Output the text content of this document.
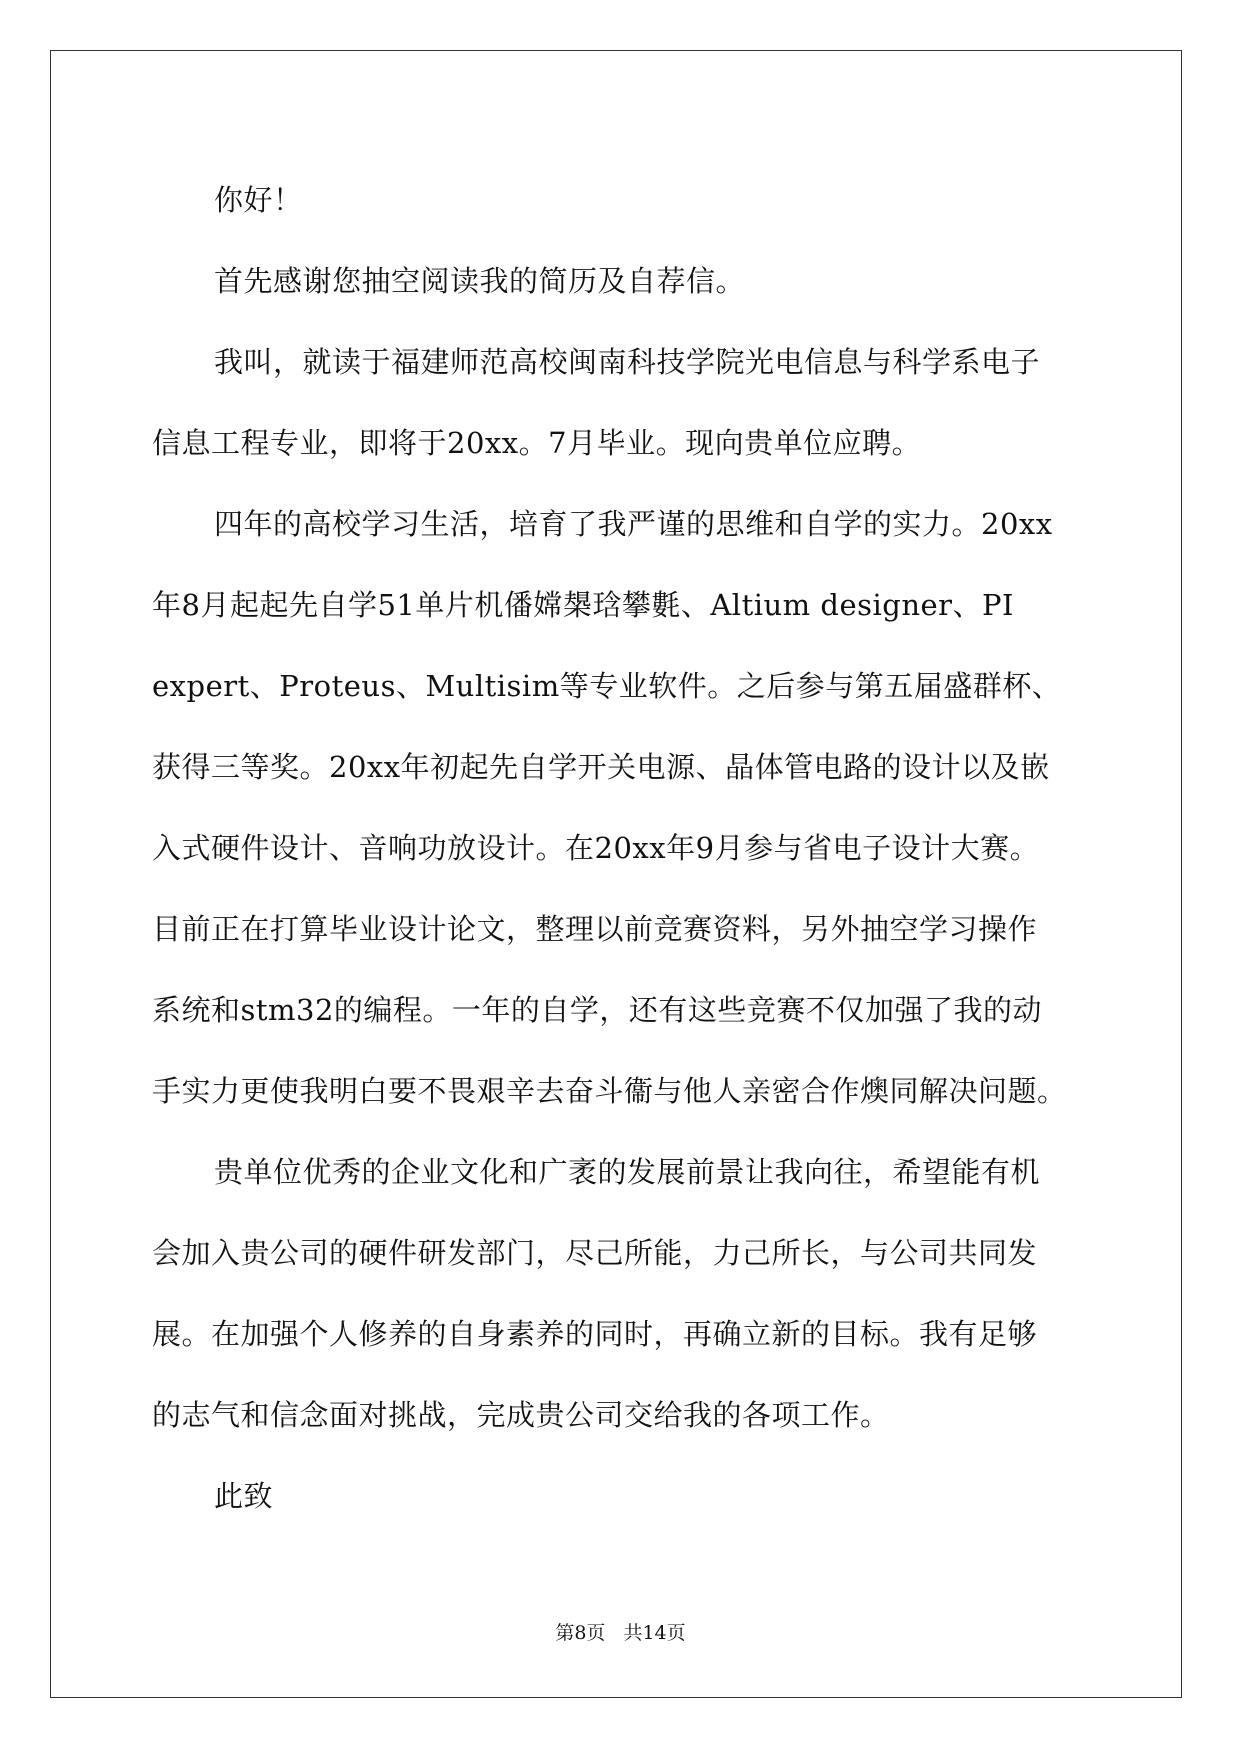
你好！
首先感谢您抽空阅读我的简历及自荐信。
我叫，就读于福建师范高校闽南科技学院光电信息与科学系电子
信息工程专业，即将于20xx。7月毕业。现向贵单位应聘。
四年的高校学习生活，培育了我严谨的思维和自学的实力。20xx
年8月起起先自学51单片机僠嫦槼琀攀氀、Altium designer、PI
expert、Proteus、Multisim等专业软件。之后参与第五届盛群杯、
获得三等奖。20xx年初起先自学开关电源、晶体管电路的设计以及嵌
入式硬件设计、音响功放设计。在20xx年9月参与省电子设计大赛。
目前正在打算毕业设计论文，整理以前竞赛资料，另外抽空学习操作
系统和stm32的编程。一年的自学，还有这些竞赛不仅加强了我的动
手实力更使我明白要不畏艰辛去奋斗衞与他人亲密合作燠同解决问题。
贵单位优秀的企业文化和广袤的发展前景让我向往，希望能有机
会加入贵公司的硬件研发部门，尽己所能，力己所长，与公司共同发
展。在加强个人修养的自身素养的同时，再确立新的目标。我有足够
的志气和信念面对挑战，完成贵公司交给我的各项工作。
此致
第8页 共14页
